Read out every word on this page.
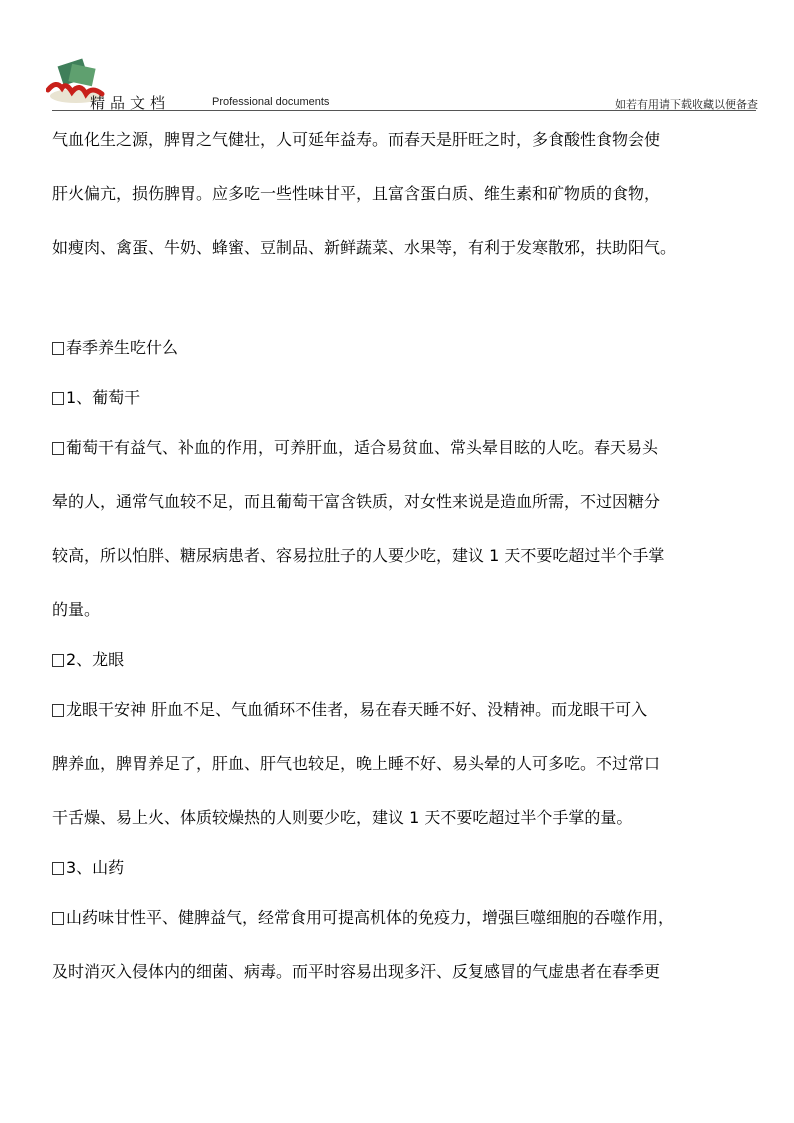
精品文档	Professional documents	如若有用请下载收藏以便备查
气血化生之源，脾胃之气健壮，人可延年益寿。而春天是肝旺之时，多食酸性食物会使
肝火偏亢，损伤脾胃。应多吃一些性味甘平，且富含蛋白质、维生素和矿物质的食物，
如瘦肉、禽蛋、牛奶、蜂蜜、豆制品、新鲜蔬菜、水果等，有利于发寒散邪，扶助阳气。
春季养生吃什么
1、葡萄干
葡萄干有益气、补血的作用，可养肝血，适合易贫血、常头晕目眩的人吃。春天易头
晕的人，通常气血较不足，而且葡萄干富含铁质，对女性来说是造血所需，不过因糖分
较高，所以怕胖、糖尿病患者、容易拉肚子的人要少吃，建议 1 天不要吃超过半个手掌
的量。
2、龙眼
龙眼干安神 肝血不足、气血循环不佳者，易在春天睡不好、没精神。而龙眼干可入
脾养血，脾胃养足了，肝血、肝气也较足，晚上睡不好、易头晕的人可多吃。不过常口
干舌燥、易上火、体质较燥热的人则要少吃，建议 1 天不要吃超过半个手掌的量。
3、山药
山药味甘性平、健脾益气，经常食用可提高机体的免疫力，增强巨噬细胞的吞噬作用，
及时消灭入侵体内的细菌、病毒。而平时容易出现多汗、反复感冒的气虚患者在春季更
